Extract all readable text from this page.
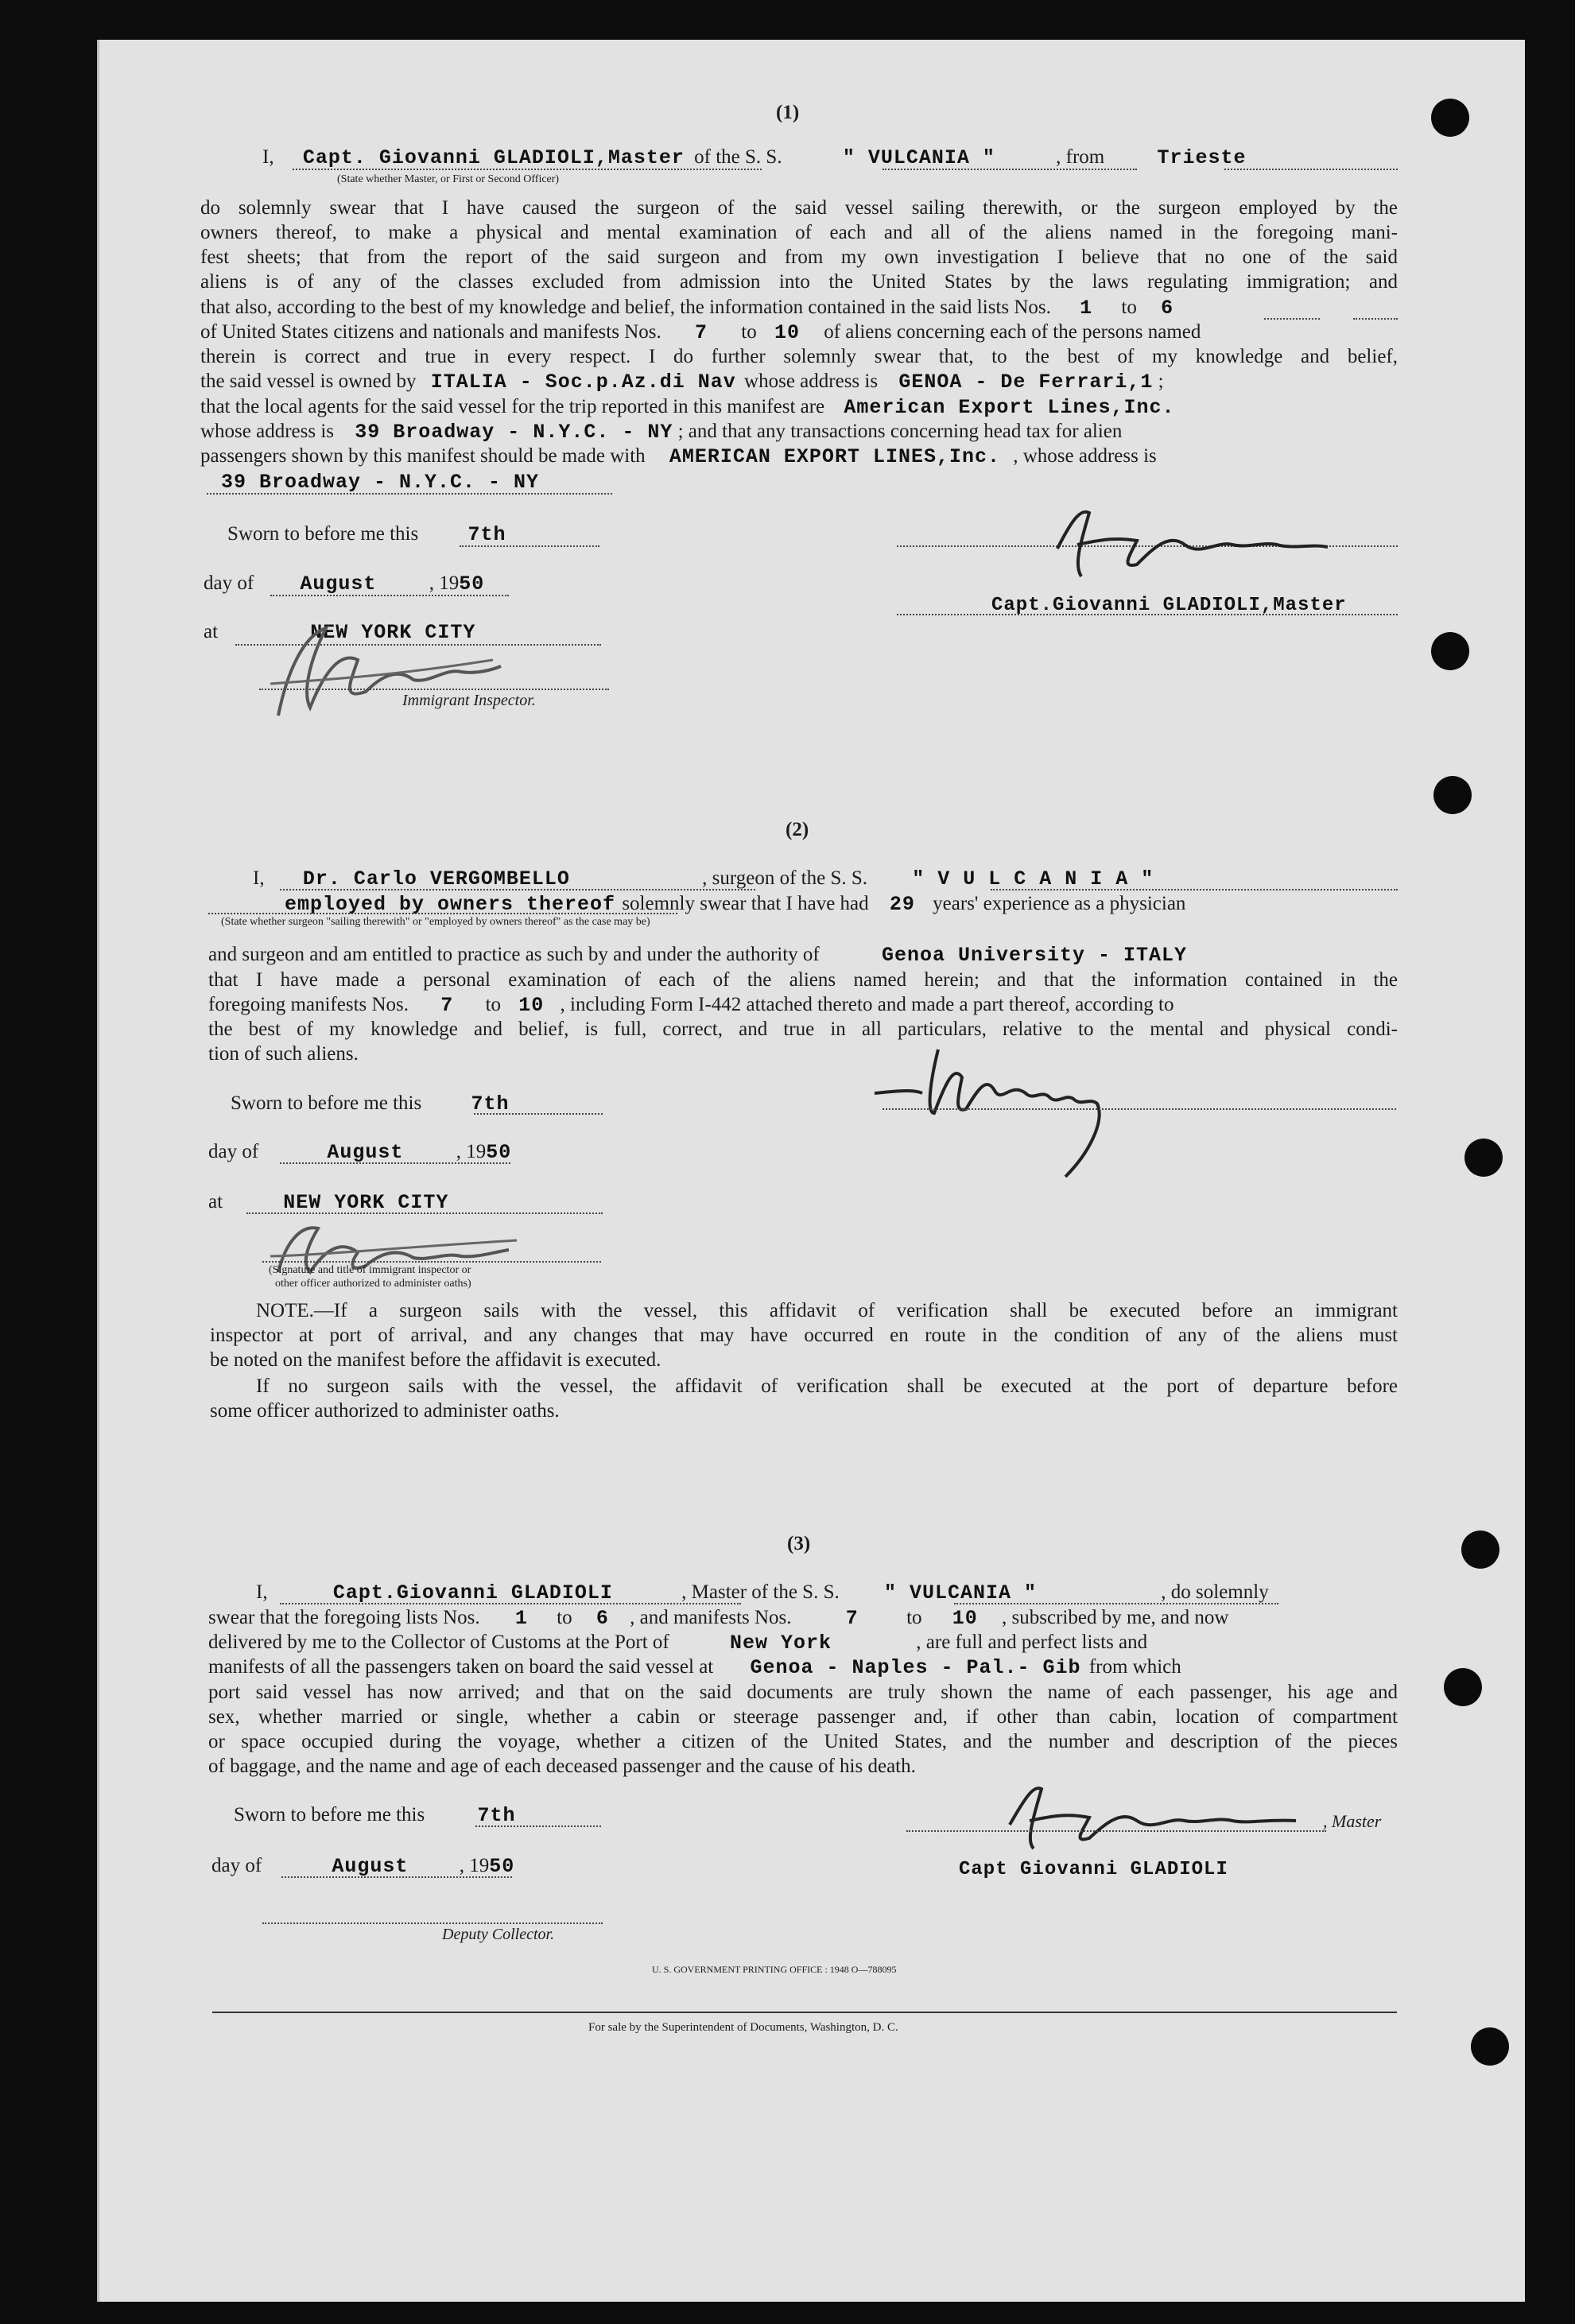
(1)
I, Capt. Giovanni GLADIOLI,Master of the S. S.	" VULCANIA "	, from	Trieste
(State whether Master, or First or Second Officer)
do solemnly swear that I have caused the surgeon of the said vessel sailing therewith, or the surgeon employed by the
owners thereof, to make a physical and mental examination of each and all of the aliens named in the foregoing mani-
fest sheets; that from the report of the said surgeon and from my own investigation I believe that no one of the said
aliens is of any of the classes excluded from admission into the United States by the laws regulating immigration; and
that also, according to the best of my knowledge and belief, the information contained in the said lists Nos. 1 to 6
of United States citizens and nationals and manifests Nos. 7 to 10 of aliens concerning each of the persons named
therein is correct and true in every respect. I do further solemnly swear that, to the best of my knowledge and belief,
the said vessel is owned by ITALIA - Soc.p.Az.di Nav whose address is GENOA - De Ferrari,1 ;
that the local agents for the said vessel for the trip reported in this manifest are American Export Lines,Inc.
whose address is 39 Broadway - N.Y.C. - NY ; and that any transactions concerning head tax for alien
passengers shown by this manifest should be made with AMERICAN EXPORT LINES,Inc. , whose address is
39 Broadway - N.Y.C. - NY
Sworn to before me this 7th
day of August	, 1950
at	NEW YORK CITY
Immigrant Inspector.
Capt.Giovanni GLADIOLI,Master
(2)
I, Dr. Carlo VERGOMBELLO	, surgeon of the S. S. " V U L C A N I A "
employed by owners thereof solemnly swear that I have had 29 years' experience as a physician
(State whether surgeon "sailing therewith" or "employed by owners thereof" as the case may be)
and surgeon and am entitled to practice as such by and under the authority of	Genoa University - ITALY
that I have made a personal examination of each of the aliens named herein; and that the information contained in the
foregoing manifests Nos. 7 to 10 , including Form I-442 attached thereto and made a part thereof, according to
the best of my knowledge and belief, is full, correct, and true in all particulars, relative to the mental and physical condi-
tion of such aliens.
Sworn to before me this 7th
day of	August	, 1950
at	NEW YORK CITY
(Signature and title of immigrant inspector or
other officer authorized to administer oaths)
NOTE.—If a surgeon sails with the vessel, this affidavit of verification shall be executed before an immigrant
inspector at port of arrival, and any changes that may have occurred en route in the condition of any of the aliens must
be noted on the manifest before the affidavit is executed.
If no surgeon sails with the vessel, the affidavit of verification shall be executed at the port of departure before
some officer authorized to administer oaths.
(3)
I,	Capt.Giovanni GLADIOLI	, Master of the S. S. " VULCANIA "	, do solemnly
swear that the foregoing lists Nos. 1 to 6 , and manifests Nos.	7 to 10 , subscribed by me, and now
delivered by me to the Collector of Customs at the Port of	New York	, are full and perfect lists and
manifests of all the passengers taken on board the said vessel at Genoa - Naples - Pal.- Gib from which
port said vessel has now arrived; and that on the said documents are truly shown the name of each passenger, his age and
sex, whether married or single, whether a cabin or steerage passenger and, if other than cabin, location of compartment
or space occupied during the voyage, whether a citizen of the United States, and the number and description of the pieces
of baggage, and the name and age of each deceased passenger and the cause of his death.
Sworn to before me this	7th	, Master
day of	August	, 1950	Capt Giovanni GLADIOLI
Deputy Collector.
U. S. GOVERNMENT PRINTING OFFICE : 1948 O—788095
For sale by the Superintendent of Documents, Washington, D. C.
